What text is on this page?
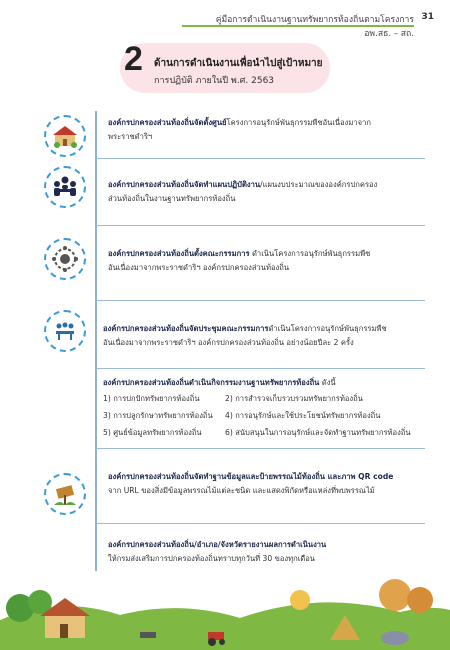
คู่มือการดำเนินงานฐานทรัพยากรท้องถิ่นตามโครงการ อพ.สธ. – สถ.
31
2 ด้านการดำเนินงานเพื่อนำไปสู่เป้าหมาย
การปฏิบัติ ภายในปี พ.ศ. 2563
องค์กรปกครองส่วนท้องถิ่นจัดตั้งศูนย์โครงการอนุรักษ์พันธุกรรมพืชอันเนื่องมาจาก
พระราชดำริฯ
องค์กรปกครองส่วนท้องถิ่นจัดทำแผนปฏิบัติงาน/แผนงบประมาณขององค์กรปกครอง
ส่วนท้องถิ่นในงานฐานทรัพยากรท้องถิ่น
องค์กรปกครองส่วนท้องถิ่นตั้งคณะกรรมการ ดำเนินโครงการอนุรักษ์พันธุกรรมพืช
อันเนื่องมาจากพระราชดำริฯ องค์กรปกครองส่วนท้องถิ่น
องค์กรปกครองส่วนท้องถิ่นจัดประชุมคณะกรรมการดำเนินโครงการอนุรักษ์พันธุกรรมพืช
อันเนื่องมาจากพระราชดำริฯ องค์กรปกครองส่วนท้องถิ่น อย่างน้อยปีละ 2 ครั้ง
องค์กรปกครองส่วนท้องถิ่นดำเนินกิจกรรมงานฐานทรัพยากรท้องถิ่น ดังนี้
1) การปกปักทรัพยากรท้องถิ่น	2) การสำรวจเก็บรวบรวมทรัพยากรท้องถิ่น
3) การปลูกรักษาทรัพยากรท้องถิ่น 4) การอนุรักษ์และใช้ประโยชน์ทรัพยากรท้องถิ่น
5) ศูนย์ข้อมูลทรัพยากรท้องถิ่น	6) สนับสนุนในการอนุรักษ์และจัดทำฐานทรัพยากรท้องถิ่น
องค์กรปกครองส่วนท้องถิ่นจัดทำฐานข้อมูลและป้ายพรรณไม้ท้องถิ่น และภาพ QR code
จาก URL ของสิ่งมีข้อมูลพรรณไม้แต่ละชนิด และแสดงพิกัดหรือแหล่งที่พบพรรณไม้
องค์กรปกครองส่วนท้องถิ่น/อำเภอ/จังหวัดรายงานผลการดำเนินงาน
ให้กรมส่งเสริมการปกครองท้องถิ่นทราบทุกวันที่ 30 ของทุกเดือน
